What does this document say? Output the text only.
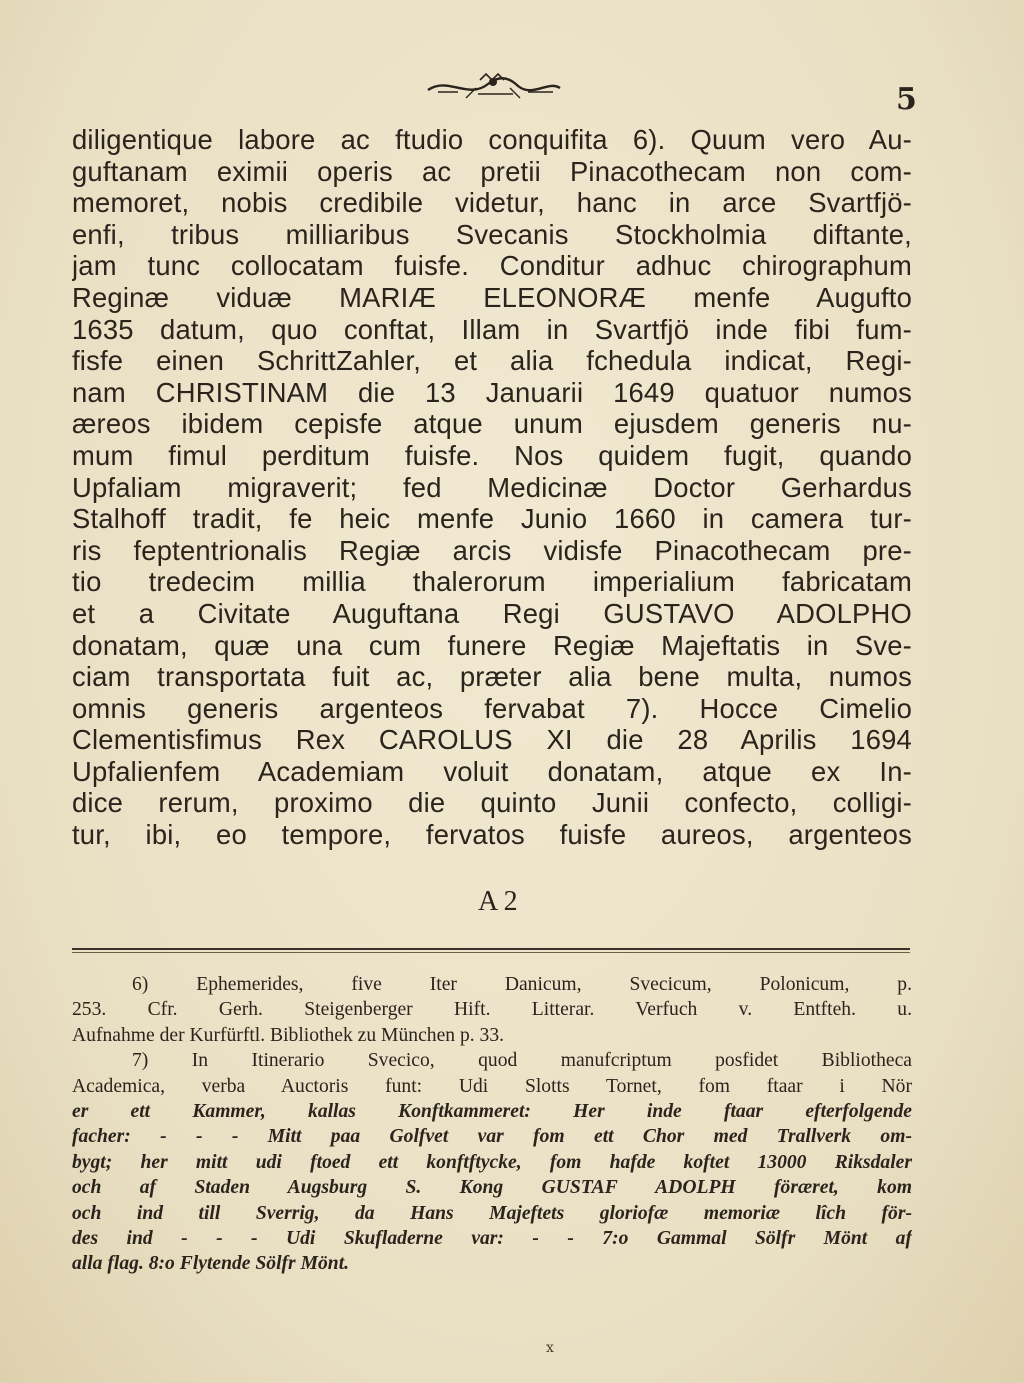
5
diligentique labore ac ftudio conquifita 6). Quum vero Au-
guftanam eximii operis ac pretii Pinacothecam non com-
memoret, nobis credibile videtur, hanc in arce Svartfjö-
enfi, tribus milliaribus Svecanis Stockholmia diftante,
jam tunc collocatam fuisfe. Conditur adhuc chirographum
Reginæ viduæ MARIÆ ELEONORÆ menfe Augufto
1635 datum, quo conftat, Illam in Svartfjö inde fibi fum-
fisfe einen SchrittZahler, et alia fchedula indicat, Regi-
nam CHRISTINAM die 13 Januarii 1649 quatuor numos
æreos ibidem cepisfe atque unum ejusdem generis nu-
mum fimul perditum fuisfe. Nos quidem fugit, quando
Upfaliam migraverit; fed Medicinæ Doctor Gerhardus
Stalhoff tradit, fe heic menfe Junio 1660 in camera tur-
ris feptentrionalis Regiæ arcis vidisfe Pinacothecam pre-
tio tredecim millia thalerorum imperialium fabricatam
et a Civitate Auguftana Regi GUSTAVO ADOLPHO
donatam, quæ una cum funere Regiæ Majeftatis in Sve-
ciam transportata fuit ac, præter alia bene multa, numos
omnis generis argenteos fervabat 7). Hocce Cimelio
Clementisfimus Rex CAROLUS XI die 28 Aprilis 1694
Upfalienfem Academiam voluit donatam, atque ex In-
dice rerum, proximo die quinto Junii confecto, colligi-
tur, ibi, eo tempore, fervatos fuisfe aureos, argenteos
A 2
6) Ephemerides, five Iter Danicum, Svecicum, Polonicum, p.
253. Cfr. Gerh. Steigenberger Hift. Litterar. Verfuch v. Entfteh. u.
Aufnahme der Kurfürftl. Bibliothek zu München p. 33.
7) In Itinerario Svecico, quod manufcriptum posfidet Bibliotheca
Academica, verba Auctoris funt: Udi Slotts Tornet, fom ftaar i Nör
er ett Kammer, kallas Konftkammeret: Her inde ftaar efterfolgende
facher: - - - Mitt paa Golfvet var fom ett Chor med Trallverk om-
bygt; her mitt udi ftoed ett konftftycke, fom hafde koftet 13000 Riksdaler
och af Staden Augsburg S. Kong GUSTAF ADOLPH föræret, kom
och ind till Sverrig, da Hans Majeftets gloriofæ memoriæ lîch för-
des ind - - - Udi Skufladerne var: - - 7:o Gammal Sölfr Mönt af
alla flag. 8:o Flytende Sölfr Mönt.
x
